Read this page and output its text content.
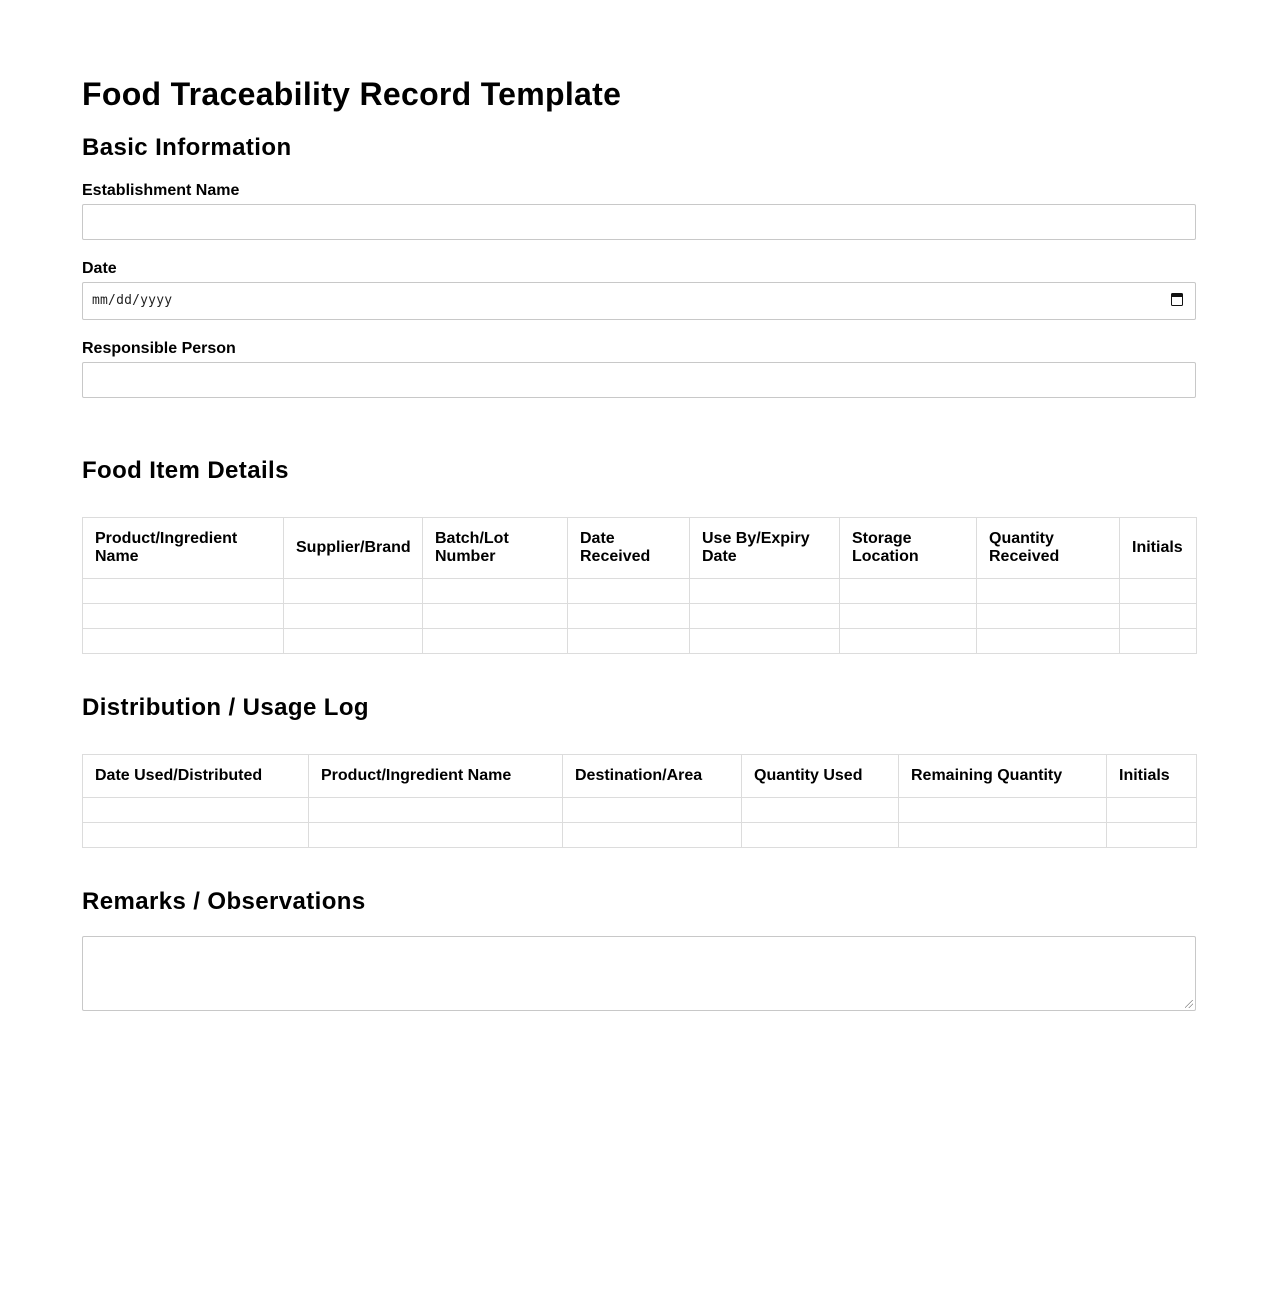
Food Traceability Record Template
Basic Information
Establishment Name
Date
mm/dd/yyyy
Responsible Person
Food Item Details
Product/Ingredient Name	Supplier/Brand	Batch/Lot Number	Date Received	Use By/Expiry Date	Storage Location	Quantity Received	Initials

Distribution / Usage Log
Date Used/Distributed	Product/Ingredient Name	Destination/Area	Quantity Used	Remaining Quantity	Initials

Remarks / Observations
